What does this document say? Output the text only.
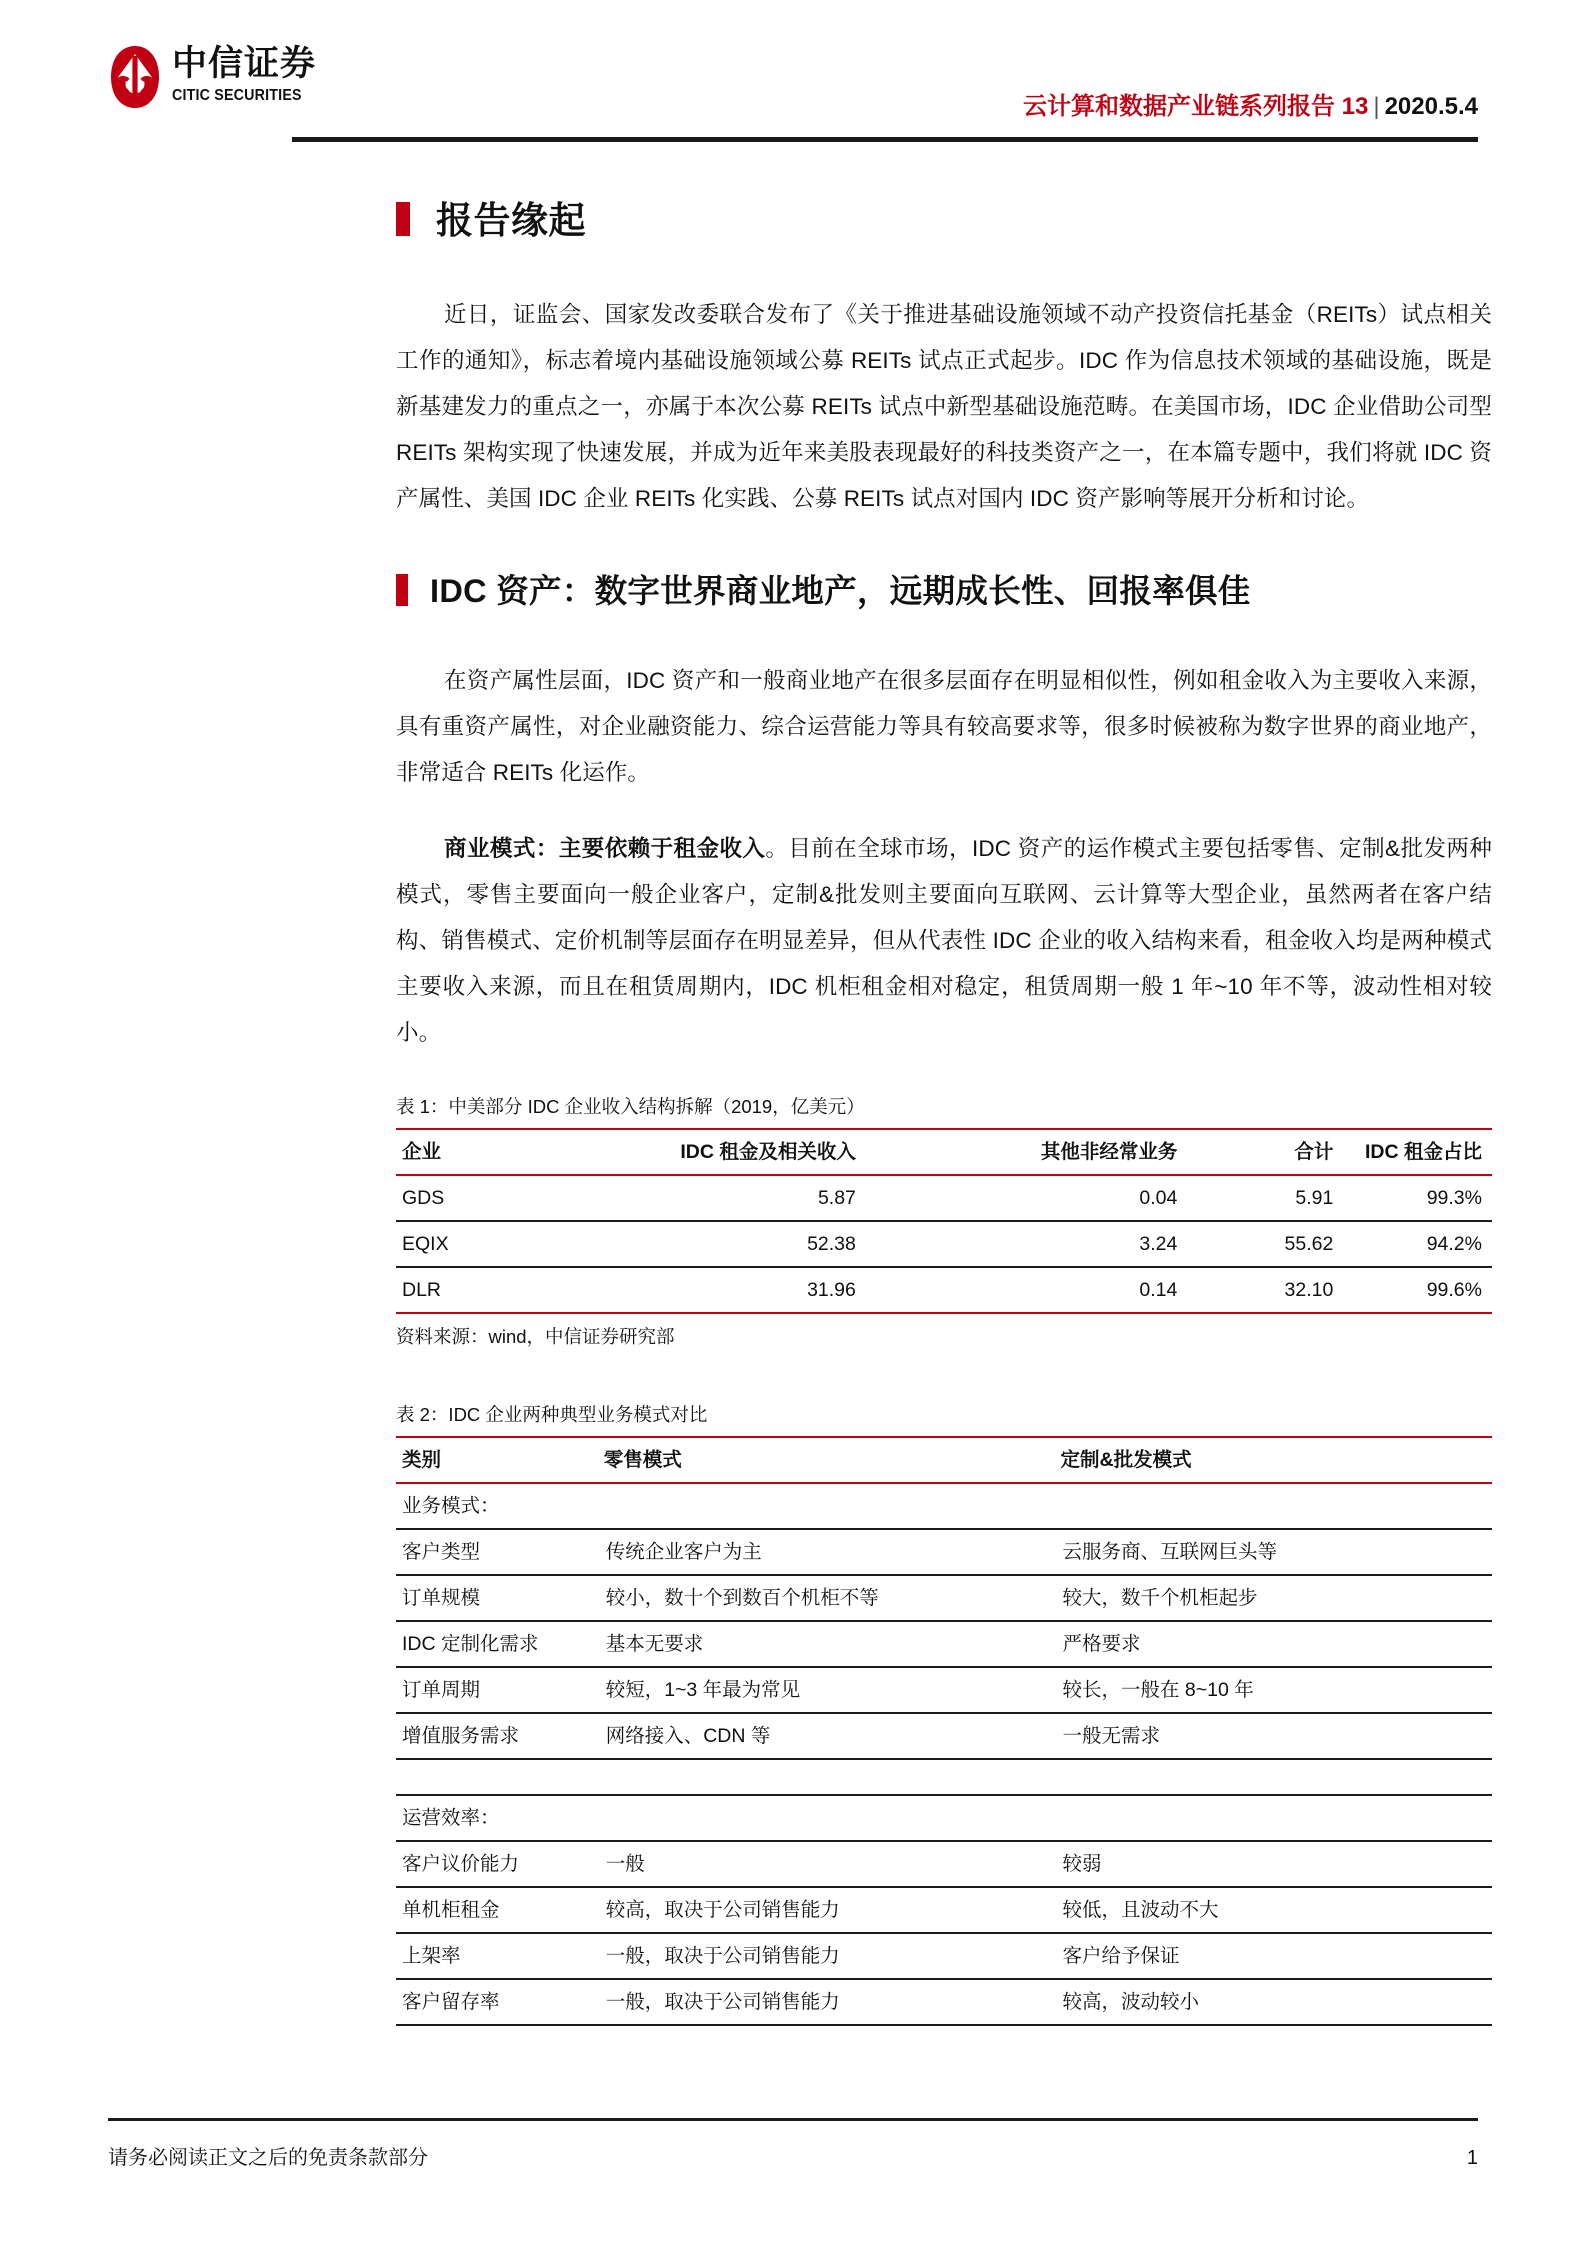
中信证券
CITIC SECURITIES	云计算和数据产业链系列报告 13 | 2020.5.4
报告缘起

近日，证监会、国家发改委联合发布了《关于推进基础设施领域不动产投资信托基金（REITs）试点相关工作的通知》，标志着境内基础设施领域公募 REITs 试点正式起步。IDC 作为信息技术领域的基础设施，既是新基建发力的重点之一，亦属于本次公募 REITs 试点中新型基础设施范畴。在美国市场，IDC 企业借助公司型 REITs 架构实现了快速发展，并成为近年来美股表现最好的科技类资产之一，在本篇专题中，我们将就 IDC 资产属性、美国 IDC 企业 REITs 化实践、公募 REITs 试点对国内 IDC 资产影响等展开分析和讨论。

IDC 资产：数字世界商业地产，远期成长性、回报率俱佳

在资产属性层面，IDC 资产和一般商业地产在很多层面存在明显相似性，例如租金收入为主要收入来源，具有重资产属性，对企业融资能力、综合运营能力等具有较高要求等，很多时候被称为数字世界的商业地产，非常适合 REITs 化运作。

商业模式：主要依赖于租金收入。目前在全球市场，IDC 资产的运作模式主要包括零售、定制&批发两种模式，零售主要面向一般企业客户，定制&批发则主要面向互联网、云计算等大型企业，虽然两者在客户结构、销售模式、定价机制等层面存在明显差异，但从代表性 IDC 企业的收入结构来看，租金收入均是两种模式主要收入来源，而且在租赁周期内，IDC 机柜租金相对稳定，租赁周期一般 1 年~10 年不等，波动性相对较小。

表 1：中美部分 IDC 企业收入结构拆解（2019，亿美元）
企业	IDC 租金及相关收入	其他非经常业务	合计	IDC 租金占比
GDS	5.87	0.04	5.91	99.3%
EQIX	52.38	3.24	55.62	94.2%
DLR	31.96	0.14	32.10	99.6%
资料来源：wind，中信证券研究部
表 2：IDC 企业两种典型业务模式对比
类别	零售模式	定制&批发模式
业务模式：		
客户类型	传统企业客户为主	云服务商、互联网巨头等
订单规模	较小，数十个到数百个机柜不等	较大，数千个机柜起步
IDC 定制化需求	基本无要求	严格要求
订单周期	较短，1~3 年最为常见	较长，一般在 8~10 年
增值服务需求	网络接入、CDN 等	一般无需求

运营效率：		
客户议价能力	一般	较弱
单机柜租金	较高，取决于公司销售能力	较低，且波动不大
上架率	一般，取决于公司销售能力	客户给予保证
客户留存率	一般，取决于公司销售能力	较高，波动较小
请务必阅读正文之后的免责条款部分	1
